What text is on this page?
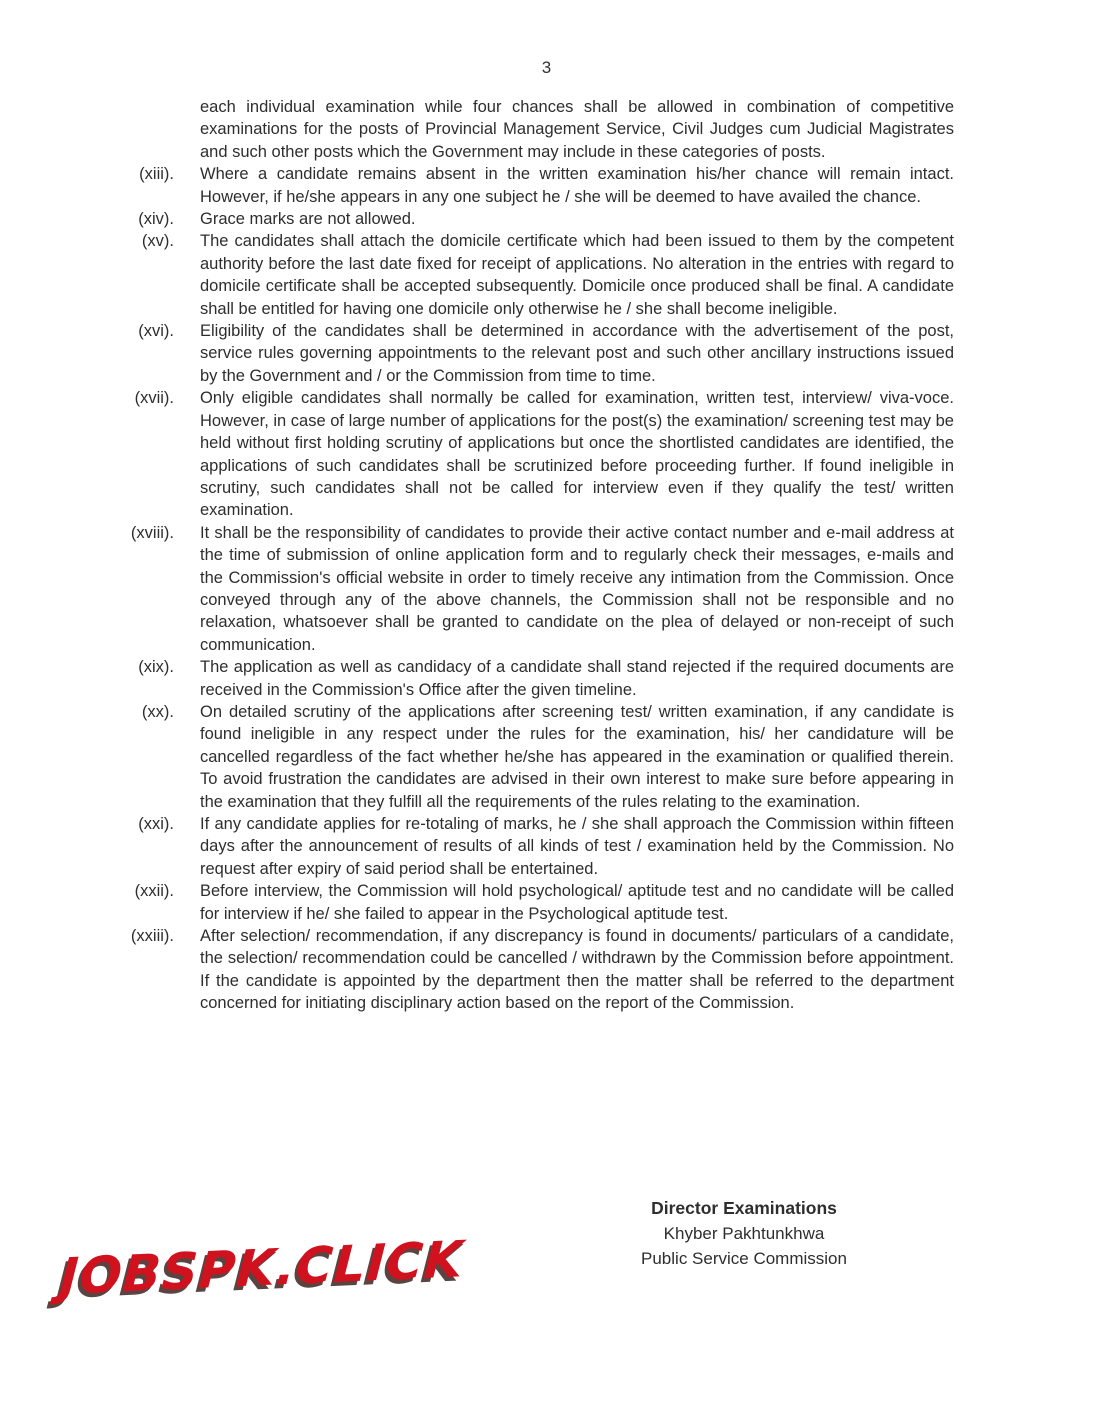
3
each individual examination while four chances shall be allowed in combination of competitive examinations for the posts of Provincial Management Service, Civil Judges cum Judicial Magistrates and such other posts which the Government may include in these categories of posts.
(xiii). Where a candidate remains absent in the written examination his/her chance will remain intact. However, if he/she appears in any one subject he / she will be deemed to have availed the chance.
(xiv). Grace marks are not allowed.
(xv). The candidates shall attach the domicile certificate which had been issued to them by the competent authority before the last date fixed for receipt of applications. No alteration in the entries with regard to domicile certificate shall be accepted subsequently. Domicile once produced shall be final. A candidate shall be entitled for having one domicile only otherwise he / she shall become ineligible.
(xvi). Eligibility of the candidates shall be determined in accordance with the advertisement of the post, service rules governing appointments to the relevant post and such other ancillary instructions issued by the Government and / or the Commission from time to time.
(xvii). Only eligible candidates shall normally be called for examination, written test, interview/ viva-voce. However, in case of large number of applications for the post(s) the examination/ screening test may be held without first holding scrutiny of applications but once the shortlisted candidates are identified, the applications of such candidates shall be scrutinized before proceeding further. If found ineligible in scrutiny, such candidates shall not be called for interview even if they qualify the test/ written examination.
(xviii). It shall be the responsibility of candidates to provide their active contact number and e-mail address at the time of submission of online application form and to regularly check their messages, e-mails and the Commission's official website in order to timely receive any intimation from the Commission. Once conveyed through any of the above channels, the Commission shall not be responsible and no relaxation, whatsoever shall be granted to candidate on the plea of delayed or non-receipt of such communication.
(xix). The application as well as candidacy of a candidate shall stand rejected if the required documents are received in the Commission's Office after the given timeline.
(xx). On detailed scrutiny of the applications after screening test/ written examination, if any candidate is found ineligible in any respect under the rules for the examination, his/ her candidature will be cancelled regardless of the fact whether he/she has appeared in the examination or qualified therein. To avoid frustration the candidates are advised in their own interest to make sure before appearing in the examination that they fulfill all the requirements of the rules relating to the examination.
(xxi). If any candidate applies for re-totaling of marks, he / she shall approach the Commission within fifteen days after the announcement of results of all kinds of test / examination held by the Commission. No request after expiry of said period shall be entertained.
(xxii). Before interview, the Commission will hold psychological/ aptitude test and no candidate will be called for interview if he/ she failed to appear in the Psychological aptitude test.
(xxiii). After selection/ recommendation, if any discrepancy is found in documents/ particulars of a candidate, the selection/ recommendation could be cancelled / withdrawn by the Commission before appointment. If the candidate is appointed by the department then the matter shall be referred to the department concerned for initiating disciplinary action based on the report of the Commission.
Director Examinations
Khyber Pakhtunkhwa
Public Service Commission
JOBSPK.CLICK
